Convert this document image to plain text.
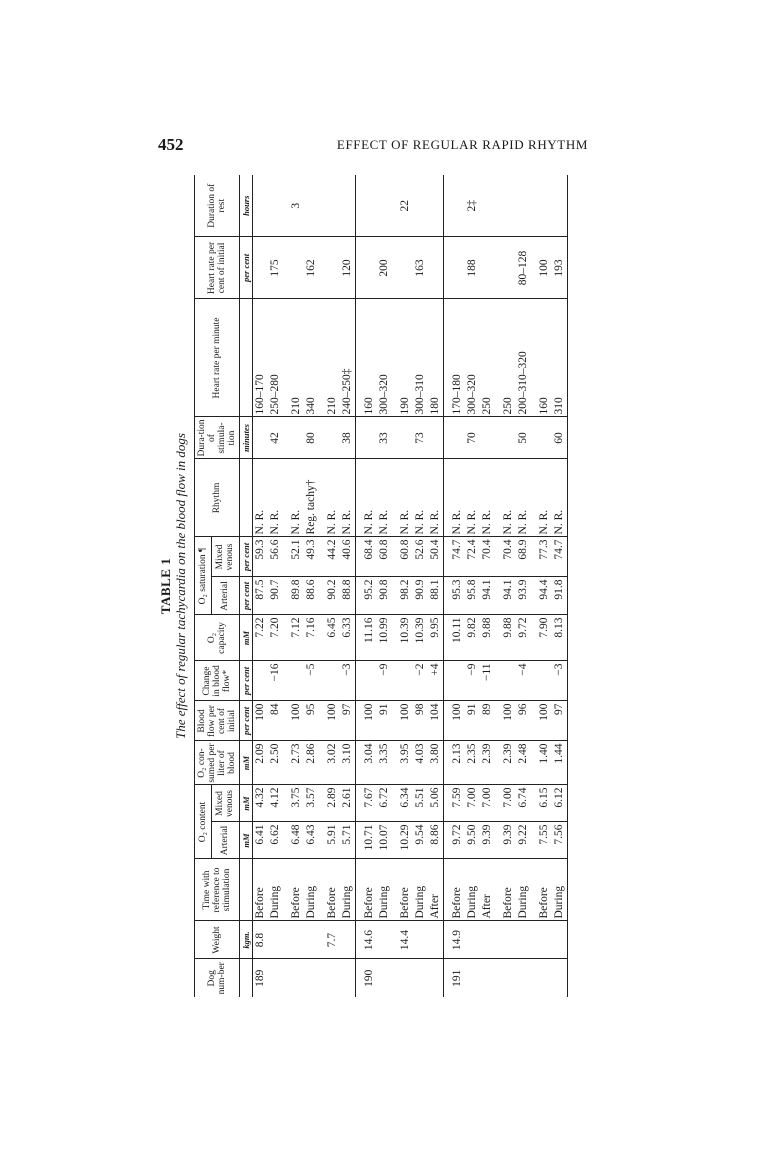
452	EFFECT OF REGULAR RAPID RHYTHM
TABLE 1 The effect of regular tachycardia on the blood flow in dogs
Dog num-ber	Weight	Time with reference to stimulation	O₂ content		O₂ con-sumed per liter of blood	Blood flow per cent of initial	Change in blood flow*	O₂ capacity	O₂ saturation ¶		Rhythm	Dura-tion of stimula-tion	Heart rate per minute	Heart rate per cent of initial	Duration of rest
			Arterial	Mixed venous					Arterial	Mixed venous					
	kgm.		mM	mM	mM	per cent	per cent	mM	per cent	per cent		minutes		per cent	hours
189	8.8	Before	6.41	4.32	2.09	100		7.22	87.5	59.3	N. R.		160–170		
		During	6.62	4.12	2.50	84	−16	7.20	90.7	56.6	N. R.	42	250–280	175	

		Before	6.48	3.75	2.73	100		7.12	89.8	52.1	N. R.		210		3
		During	6.43	3.57	2.86	95	−5	7.16	88.6	49.3	Reg. tachy†	80	340	162	

	7.7	Before	5.91	2.89	3.02	100		6.45	90.2	44.2	N. R.		210		
		During	5.71	2.61	3.10	97	−3	6.33	88.8	40.6	N. R.	38	240–250‡	120	

190	14.6	Before	10.71	7.67	3.04	100		11.16	95.2	68.4	N. R.		160		
		During	10.07	6.72	3.35	91	−9	10.99	90.8	60.8	N. R.	33	300–320	200	

	14.4	Before	10.29	6.34	3.95	100		10.39	98.2	60.8	N. R.		190		22
		During	9.54	5.51	4.03	98	−2	10.39	90.9	52.6	N. R.	73	300–310	163	
		After	8.86	5.06	3.80	104	+4	9.95	88.1	50.4	N. R.		180		

191	14.9	Before	9.72	7.59	2.13	100		10.11	95.3	74.7	N. R.		170–180		
		During	9.50	7.00	2.35	91	−9	9.82	95.8	72.4	N. R.	70	300–320	188	2‡
		After	9.39	7.00	2.39	89	−11	9.88	94.1	70.4	N. R.		250		

		Before	9.39	7.00	2.39	100		9.88	94.1	70.4	N. R.		250		
		During	9.22	6.74	2.48	96	−4	9.72	93.9	68.9	N. R.	50	200–310–320	80–128	

		Before	7.55	6.15	1.40	100		7.90	94.4	77.3	N. R.		160	100	
		During	7.56	6.12	1.44	97	−3	8.13	91.8	74.7	N. R.	60	310	193	
